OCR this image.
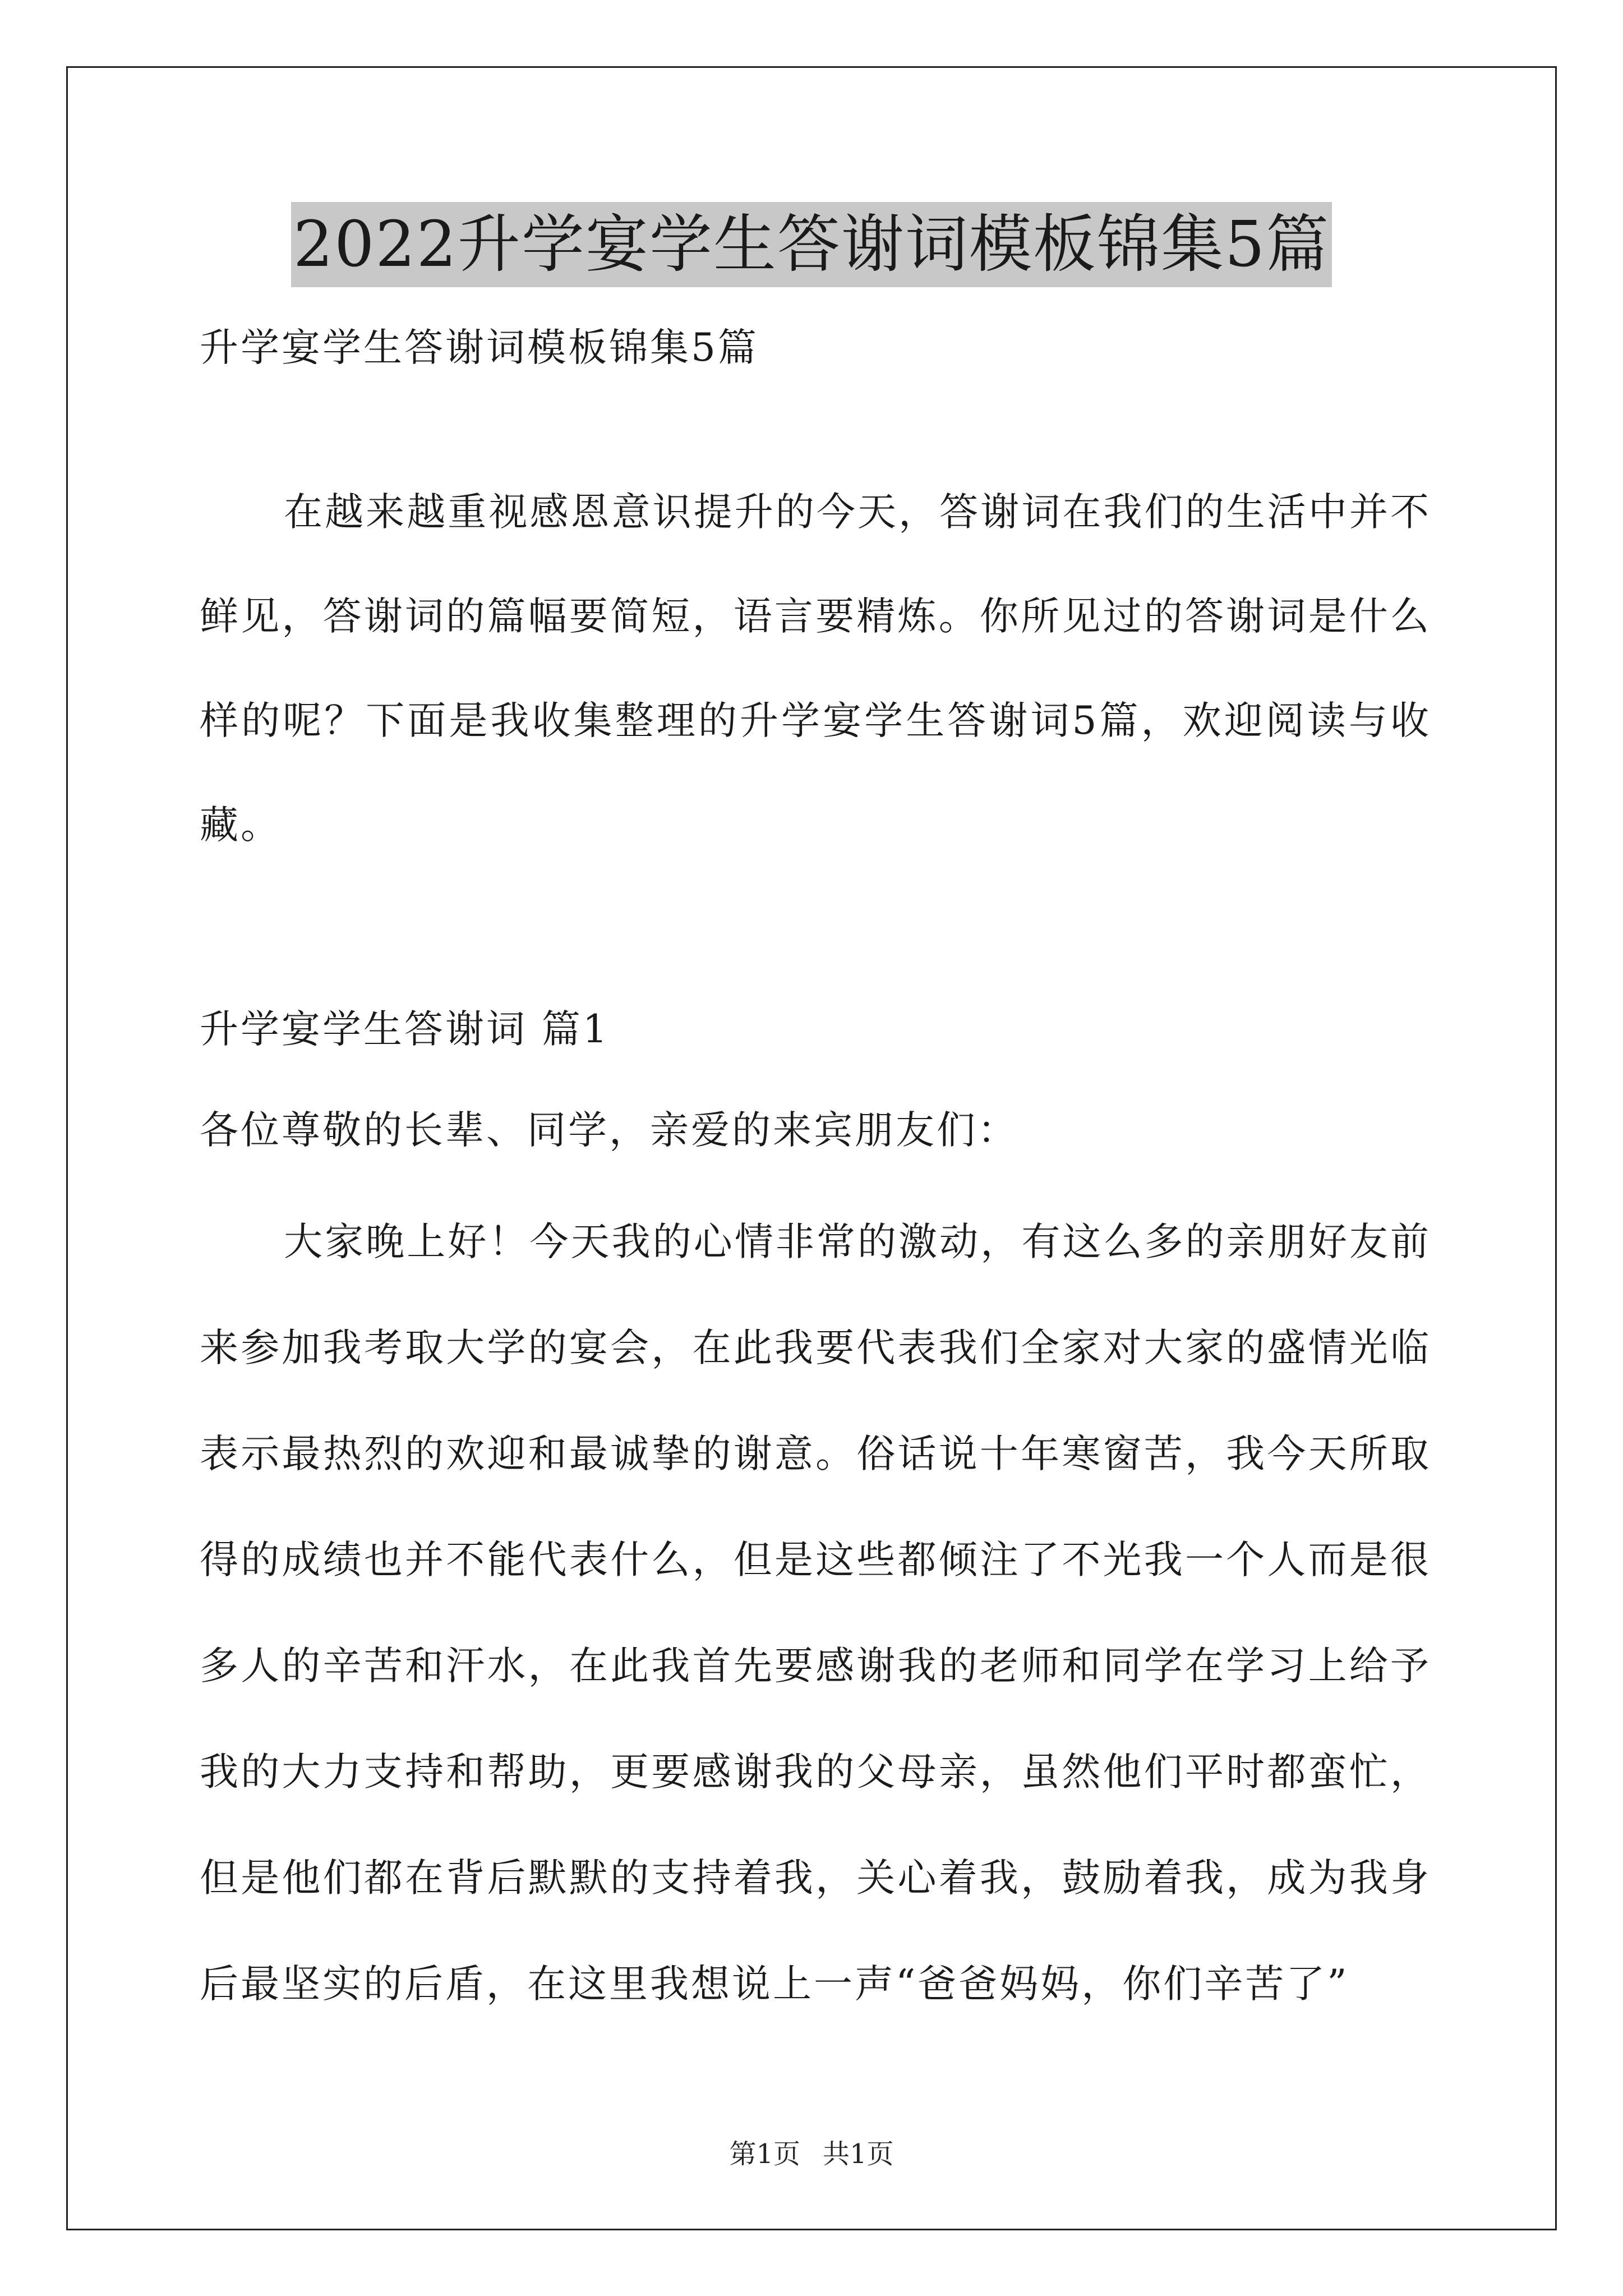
2022升学宴学生答谢词模板锦集5篇
升学宴学生答谢词模板锦集5篇

在越来越重视感恩意识提升的今天，答谢词在我们的生活中并不鲜见，答谢词的篇幅要简短，语言要精炼。你所见过的答谢词是什么样的呢？下面是我收集整理的升学宴学生答谢词5篇，欢迎阅读与收藏。

升学宴学生答谢词 篇1
各位尊敬的长辈、同学，亲爱的来宾朋友们：

大家晚上好！今天我的心情非常的激动，有这么多的亲朋好友前来参加我考取大学的宴会，在此我要代表我们全家对大家的盛情光临表示最热烈的欢迎和最诚挚的谢意。俗话说十年寒窗苦，我今天所取得的成绩也并不能代表什么，但是这些都倾注了不光我一个人而是很多人的辛苦和汗水，在此我首先要感谢我的老师和同学在学习上给予我的大力支持和帮助，更要感谢我的父母亲，虽然他们平时都蛮忙，但是他们都在背后默默的支持着我，关心着我，鼓励着我，成为我身后最坚实的后盾，在这里我想说上一声“爸爸妈妈，你们辛苦了”

第1页 共1页
